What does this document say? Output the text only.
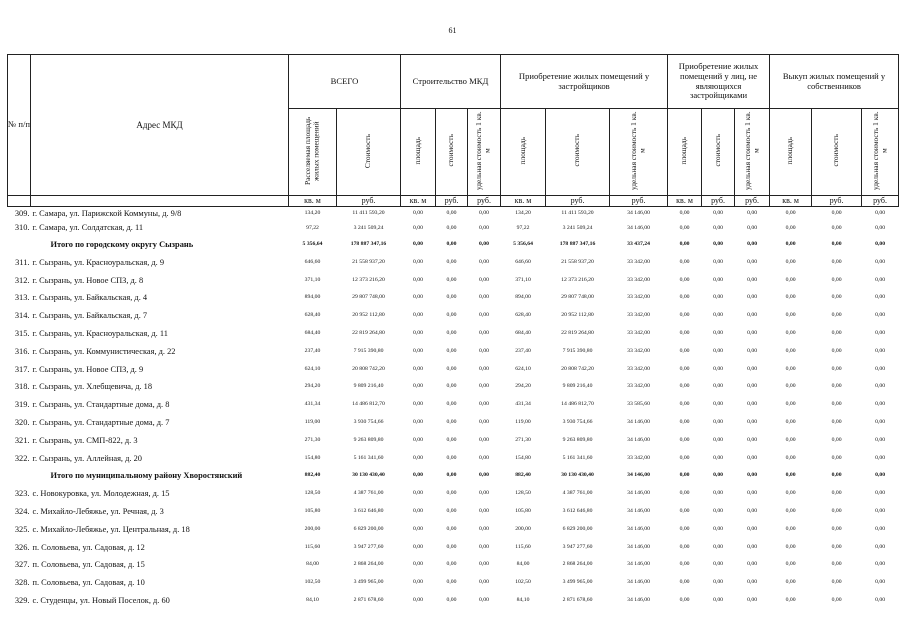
61
№ п/п	Адрес МКД	ВСЕГО		Строительство МКД			Приобретение жилых помещений у застройщиков			Приобретение жилых помещений у лиц, не являющихся застройщиками			Выкуп жилых помещений у собственников		
		Расселяемая площадь жилых помещений	Стоимость	площадь	стоимость	удельная стоимость 1 кв. м	площадь	стоимость	удельная стоимость 1 кв. м	площадь	стоимость	удельная стоимость 1 кв. м	площадь	стоимость	удельная стоимость 1 кв. м
		кв. м	руб.	кв. м	руб.	руб.	кв. м	руб.	руб.	кв. м	руб.	руб.	кв. м	руб.	руб.
309.	г. Самара, ул. Парижской Коммуны, д. 9/8	134,20	11 411 593,20	0,00	0,00	0,00	134,20	11 411 593,20	34 146,00	0,00	0,00	0,00	0,00	0,00	0,00
310.	г. Самара, ул. Солдатская, д. 11	97,22	3 241 509,24	0,00	0,00	0,00	97,22	3 241 509,24	34 146,00	0,00	0,00	0,00	0,00	0,00	0,00
	Итого по городскому округу Сызрань	5 356,64	178 887 347,16	0,00	0,00	0,00	5 356,64	178 887 347,16	33 437,24	0,00	0,00	0,00	0,00	0,00	0,00
311.	г. Сызрань, ул. Красноуральская, д. 9	646,60	21 558 937,20	0,00	0,00	0,00	646,60	21 558 937,20	33 342,00	0,00	0,00	0,00	0,00	0,00	0,00
312.	г. Сызрань, ул. Новое СПЗ, д. 8	371,10	12 373 216,20	0,00	0,00	0,00	371,10	12 373 216,20	33 342,00	0,00	0,00	0,00	0,00	0,00	0,00
313.	г. Сызрань, ул. Байкальская, д. 4	894,00	29 807 748,00	0,00	0,00	0,00	894,00	29 807 748,00	33 342,00	0,00	0,00	0,00	0,00	0,00	0,00
314.	г. Сызрань, ул. Байкальская, д. 7	628,40	20 952 112,80	0,00	0,00	0,00	628,40	20 952 112,80	33 342,00	0,00	0,00	0,00	0,00	0,00	0,00
315.	г. Сызрань, ул. Красноуральская, д. 11	684,40	22 819 264,80	0,00	0,00	0,00	684,40	22 819 264,80	33 342,00	0,00	0,00	0,00	0,00	0,00	0,00
316.	г. Сызрань, ул. Коммунистическая, д. 22	237,40	7 915 390,80	0,00	0,00	0,00	237,40	7 915 390,80	33 342,00	0,00	0,00	0,00	0,00	0,00	0,00
317.	г. Сызрань, ул. Новое СПЗ, д. 9	624,10	20 808 742,20	0,00	0,00	0,00	624,10	20 808 742,20	33 342,00	0,00	0,00	0,00	0,00	0,00	0,00
318.	г. Сызрань, ул. Хлебщевича, д. 18	294,20	9 809 216,40	0,00	0,00	0,00	294,20	9 809 216,40	33 342,00	0,00	0,00	0,00	0,00	0,00	0,00
319.	г. Сызрань, ул. Стандартные дома, д. 8	431,34	14 486 812,70	0,00	0,00	0,00	431,34	14 486 812,70	33 585,60	0,00	0,00	0,00	0,00	0,00	0,00
320.	г. Сызрань, ул. Стандартные дома, д. 7	119,00	3 930 754,66	0,00	0,00	0,00	119,00	3 930 754,66	34 146,00	0,00	0,00	0,00	0,00	0,00	0,00
321.	г. Сызрань, ул. СМП-822, д. 3	271,30	9 263 809,80	0,00	0,00	0,00	271,30	9 263 809,80	34 146,00	0,00	0,00	0,00	0,00	0,00	0,00
322.	г. Сызрань, ул. Аллейная, д. 20	154,80	5 161 341,60	0,00	0,00	0,00	154,80	5 161 341,60	33 342,00	0,00	0,00	0,00	0,00	0,00	0,00
	Итого по муниципальному району Хворостянский	882,40	30 130 430,40	0,00	0,00	0,00	882,40	30 130 430,40	34 146,00	0,00	0,00	0,00	0,00	0,00	0,00
323.	с. Новокуровка, ул. Молодежная, д. 15	128,50	4 387 761,00	0,00	0,00	0,00	128,50	4 387 761,00	34 146,00	0,00	0,00	0,00	0,00	0,00	0,00
324.	с. Михайло-Лебяжье, ул. Речная, д. 3	105,80	3 612 646,80	0,00	0,00	0,00	105,80	3 612 646,80	34 146,00	0,00	0,00	0,00	0,00	0,00	0,00
325.	с. Михайло-Лебяжье, ул. Центральная, д. 18	200,00	6 829 200,00	0,00	0,00	0,00	200,00	6 829 200,00	34 146,00	0,00	0,00	0,00	0,00	0,00	0,00
326.	п. Соловьева, ул. Садовая, д. 12	115,60	3 947 277,60	0,00	0,00	0,00	115,60	3 947 277,60	34 146,00	0,00	0,00	0,00	0,00	0,00	0,00
327.	п. Соловьева, ул. Садовая, д. 15	84,00	2 868 264,00	0,00	0,00	0,00	84,00	2 868 264,00	34 146,00	0,00	0,00	0,00	0,00	0,00	0,00
328.	п. Соловьева, ул. Садовая, д. 10	102,50	3 499 965,00	0,00	0,00	0,00	102,50	3 499 965,00	34 146,00	0,00	0,00	0,00	0,00	0,00	0,00
329.	с. Студенцы, ул. Новый Поселок, д. 60	84,10	2 871 678,60	0,00	0,00	0,00	84,10	2 871 678,60	34 146,00	0,00	0,00	0,00	0,00	0,00	0,00
